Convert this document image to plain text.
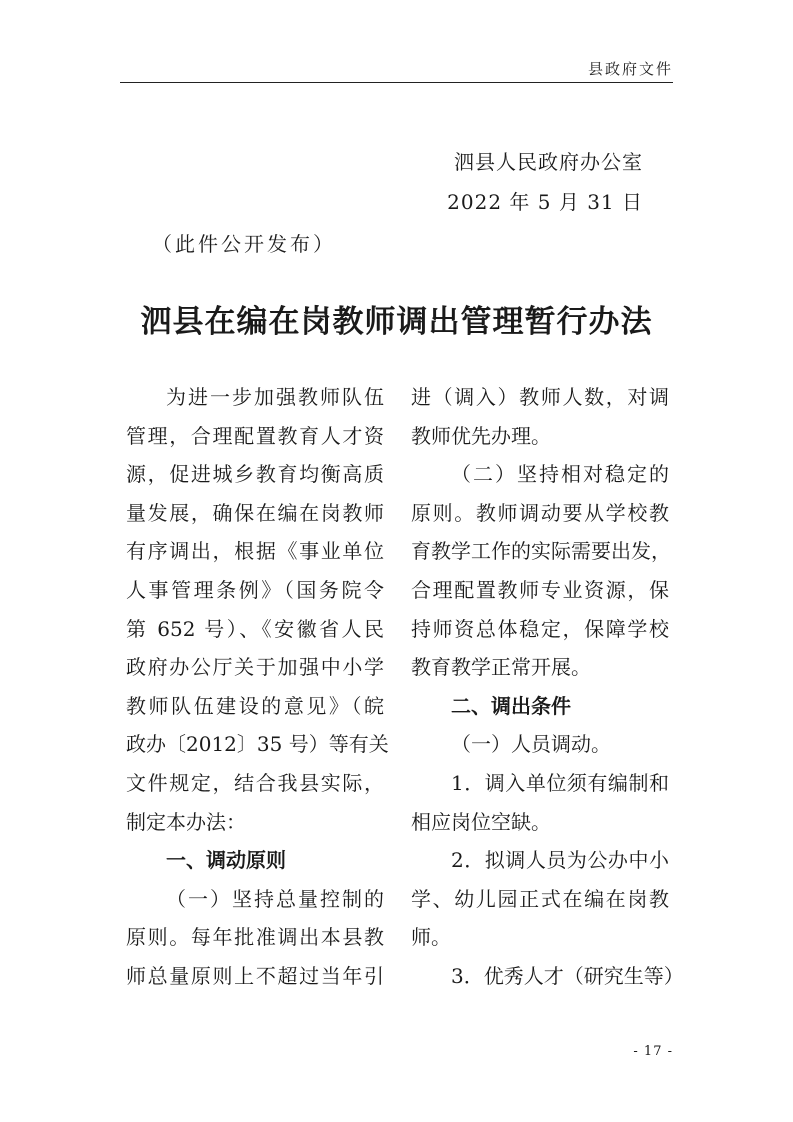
县政府文件
泗县人民政府办公室
2022 年 5 月 31 日
（此件公开发布）
泗县在编在岗教师调出管理暂行办法
为进一步加强教师队伍
管理，合理配置教育人才资
源，促进城乡教育均衡高质
量发展，确保在编在岗教师
有序调出，根据《事业单位
人事管理条例》（国务院令
第 652 号）、《安徽省人民
政府办公厅关于加强中小学
教师队伍建设的意见》（皖
政办〔2012〕35 号）等有关
文件规定，结合我县实际，
制定本办法：
一、调动原则
（一）坚持总量控制的
原则。每年批准调出本县教
师总量原则上不超过当年引
进（调入）教师人数，对调
教师优先办理。
（二）坚持相对稳定的
原则。教师调动要从学校教
育教学工作的实际需要出发，
合理配置教师专业资源，保
持师资总体稳定，保障学校
教育教学正常开展。
二、调出条件
（一）人员调动。
1．调入单位须有编制和
相应岗位空缺。
2．拟调人员为公办中小
学、幼儿园正式在编在岗教
师。
3．优秀人才（研究生等）
- 17 -
